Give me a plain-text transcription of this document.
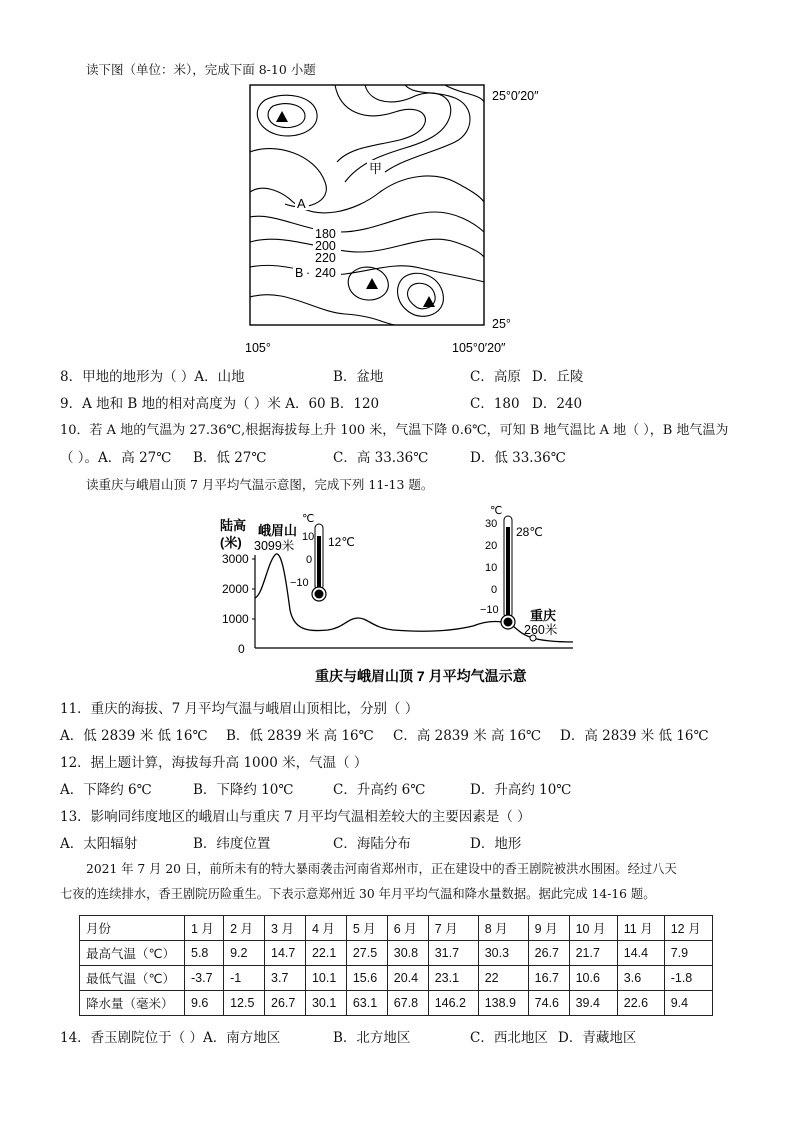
读下图（单位：米），完成下面 8-10 小题
甲
A
180
200
220
B · 240
25°0′20″
25°
105°	105°0′20″
8．甲地的地形为（ ）A．山地	B．盆地	C．高原 D．丘陵
9．A 地和 B 地的相对高度为（ ）米 A．60 B．120	C．180 D．240
10．若 A 地的气温为 27.36℃,根据海拔每上升 100 米，气温下降 0.6℃，可知 B 地气温比 A 地（ ），B 地气温为
（ ）。A．高 27℃ B．低 27℃	C．高 33.36℃	D．低 33.36℃
读重庆与峨眉山顶 7 月平均气温示意图，完成下列 11-13 题。
陆高
(米)
3000
2000
1000
0
峨眉山
3099米
℃
10
0
−10
12℃
℃
30
20
10
0
−10
28℃
重庆
260米
重庆与峨眉山顶 7 月平均气温示意
11．重庆的海拔、7 月平均气温与峨眉山顶相比，分别（ ）
A．低 2839 米 低 16℃ B．低 2839 米 高 16℃ C．高 2839 米 高 16℃ D．高 2839 米 低 16℃
12．据上题计算，海拔每升高 1000 米，气温（ ）
A．下降约 6℃	B．下降约 10℃	C．升高约 6℃	D．升高约 10℃
13．影响同纬度地区的峨眉山与重庆 7 月平均气温相差较大的主要因素是（ ）
A．太阳辐射	B．纬度位置	C．海陆分布	D．地形
2021 年 7 月 20 日，前所未有的特大暴雨袭击河南省郑州市，正在建设中的香王剧院被洪水围困。经过八天
七夜的连续排水，香王剧院历险重生。下表示意郑州近 30 年月平均气温和降水量数据。据此完成 14-16 题。
月份	1 月	2 月	3 月	4 月	5 月	6 月	7 月	8 月	9 月	10 月	11 月	12 月
最高气温（℃）	5.8	9.2	14.7	22.1	27.5	30.8	31.7	30.3	26.7	21.7	14.4	7.9
最低气温（℃）	-3.7	-1	3.7	10.1	15.6	20.4	23.1	22	16.7	10.6	3.6	-1.8
降水量（毫米）	9.6	12.5	26.7	30.1	63.1	67.8	146.2	138.9	74.6	39.4	22.6	9.4
14．香玉剧院位于（ ）A．南方地区	B．北方地区	C．西北地区 D．青藏地区
